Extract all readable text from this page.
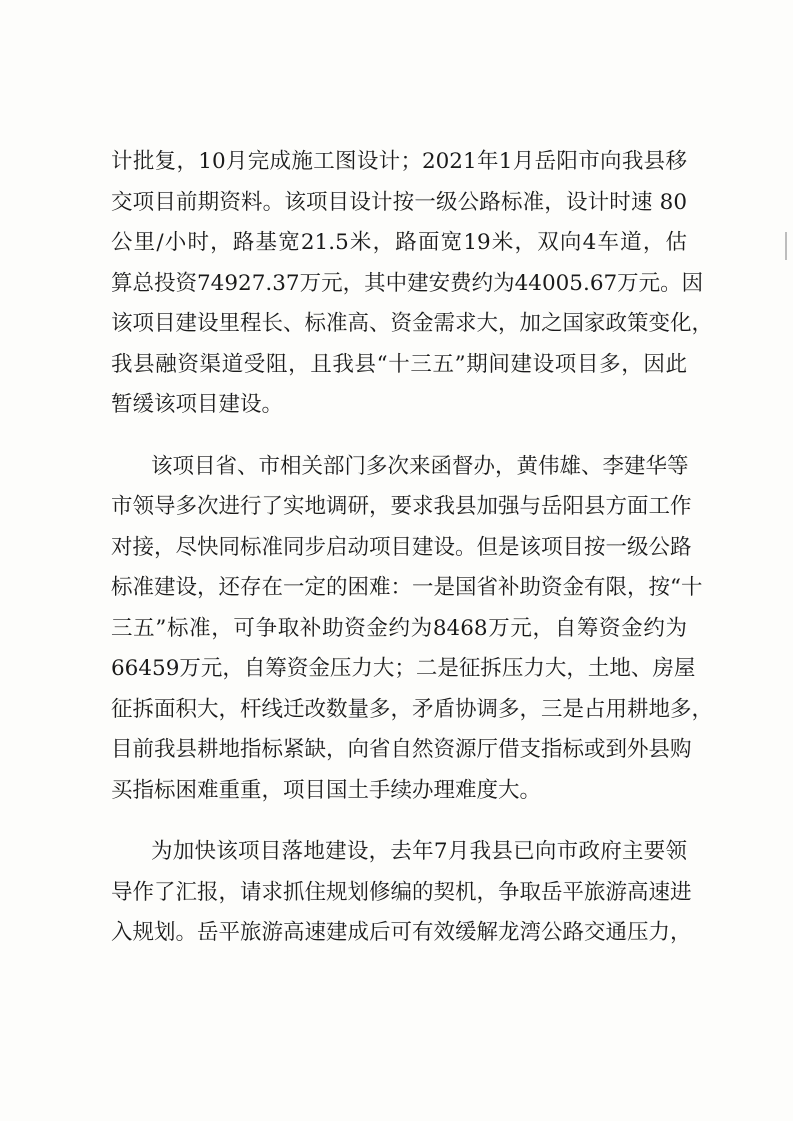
计批复，10月完成施工图设计；2021年1月岳阳市向我县移
交项目前期资料。该项目设计按一级公路标准，设计时速 80
公里/小时，路基宽21.5米，路面宽19米，双向4车道，估
算总投资74927.37万元，其中建安费约为44005.67万元。因
该项目建设里程长、标准高、资金需求大，加之国家政策变化，
我县融资渠道受阻，且我县“十三五”期间建设项目多，因此
暂缓该项目建设。
该项目省、市相关部门多次来函督办，黄伟雄、李建华等
市领导多次进行了实地调研，要求我县加强与岳阳县方面工作
对接，尽快同标准同步启动项目建设。但是该项目按一级公路
标准建设，还存在一定的困难：一是国省补助资金有限，按“十
三五”标准，可争取补助资金约为8468万元，自筹资金约为
66459万元，自筹资金压力大；二是征拆压力大，土地、房屋
征拆面积大，杆线迁改数量多，矛盾协调多，三是占用耕地多，
目前我县耕地指标紧缺，向省自然资源厅借支指标或到外县购
买指标困难重重，项目国土手续办理难度大。
为加快该项目落地建设，去年7月我县已向市政府主要领
导作了汇报，请求抓住规划修编的契机，争取岳平旅游高速进
入规划。岳平旅游高速建成后可有效缓解龙湾公路交通压力，
